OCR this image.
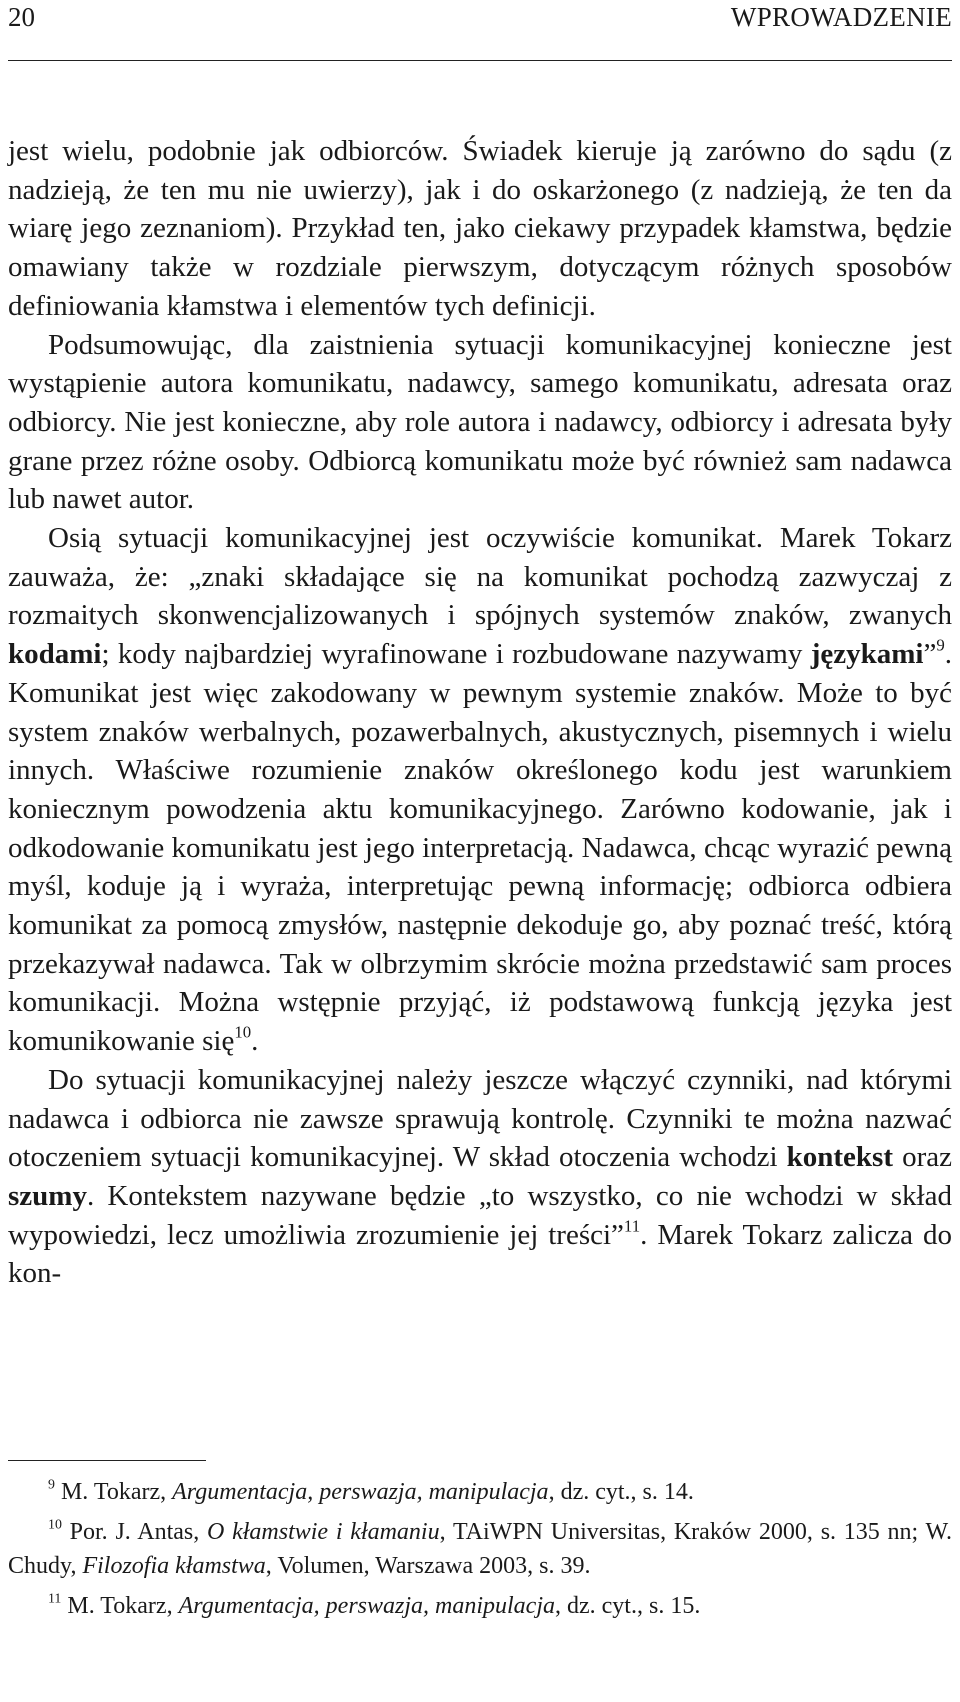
20	WPROWADZENIE

jest wielu, podobnie jak odbiorców. Świadek kieruje ją zarówno do sądu (z nadzieją, że ten mu nie uwierzy), jak i do oskarżonego (z nadzieją, że ten da wiarę jego zeznaniom). Przykład ten, jako ciekawy przypadek kłamstwa, będzie omawiany także w rozdziale pierwszym, dotyczącym różnych sposobów definiowania kłamstwa i elementów tych definicji.

Podsumowując, dla zaistnienia sytuacji komunikacyjnej konieczne jest wystąpienie autora komunikatu, nadawcy, samego komunikatu, adresata oraz odbiorcy. Nie jest konieczne, aby role autora i nadawcy, odbiorcy i adresata były grane przez różne osoby. Odbiorcą komunikatu może być również sam nadawca lub nawet autor.

Osią sytuacji komunikacyjnej jest oczywiście komunikat. Marek Tokarz zauważa, że: „znaki składające się na komunikat pochodzą zazwyczaj z rozmaitych skonwencjalizowanych i spójnych systemów znaków, zwanych kodami; kody najbardziej wyrafinowane i rozbudowane nazywamy językami”$^9$. Komunikat jest więc zakodowany w pewnym systemie znaków. Może to być system znaków werbalnych, pozawerbalnych, akustycznych, pisemnych i wielu innych. Właściwe rozumienie znaków określonego kodu jest warunkiem koniecznym powodzenia aktu komunikacyjnego. Zarówno kodowanie, jak i odkodowanie komunikatu jest jego interpretacją. Nadawca, chcąc wyrazić pewną myśl, koduje ją i wyraża, interpretując pewną informację; odbiorca odbiera komunikat za pomocą zmysłów, następnie dekoduje go, aby poznać treść, którą przekazywał nadawca. Tak w olbrzymim skrócie można przedstawić sam proces komunikacji. Można wstępnie przyjąć, iż podstawową funkcją języka jest komunikowanie się$^{10}$.

Do sytuacji komunikacyjnej należy jeszcze włączyć czynniki, nad którymi nadawca i odbiorca nie zawsze sprawują kontrolę. Czynniki te można nazwać otoczeniem sytuacji komunikacyjnej. W skład otoczenia wchodzi kontekst oraz szumy. Kontekstem nazywane będzie „to wszystko, co nie wchodzi w skład wypowiedzi, lecz umożliwia zrozumienie jej treści”$^{11}$. Marek Tokarz zalicza do kon-

$^9$ M. Tokarz, Argumentacja, perswazja, manipulacja, dz. cyt., s. 14.

$^{10}$ Por. J. Antas, O kłamstwie i kłamaniu, TAiWPN Universitas, Kraków 2000, s. 135 nn; W. Chudy, Filozofia kłamstwa, Volumen, Warszawa 2003, s. 39.

$^{11}$ M. Tokarz, Argumentacja, perswazja, manipulacja, dz. cyt., s. 15.
